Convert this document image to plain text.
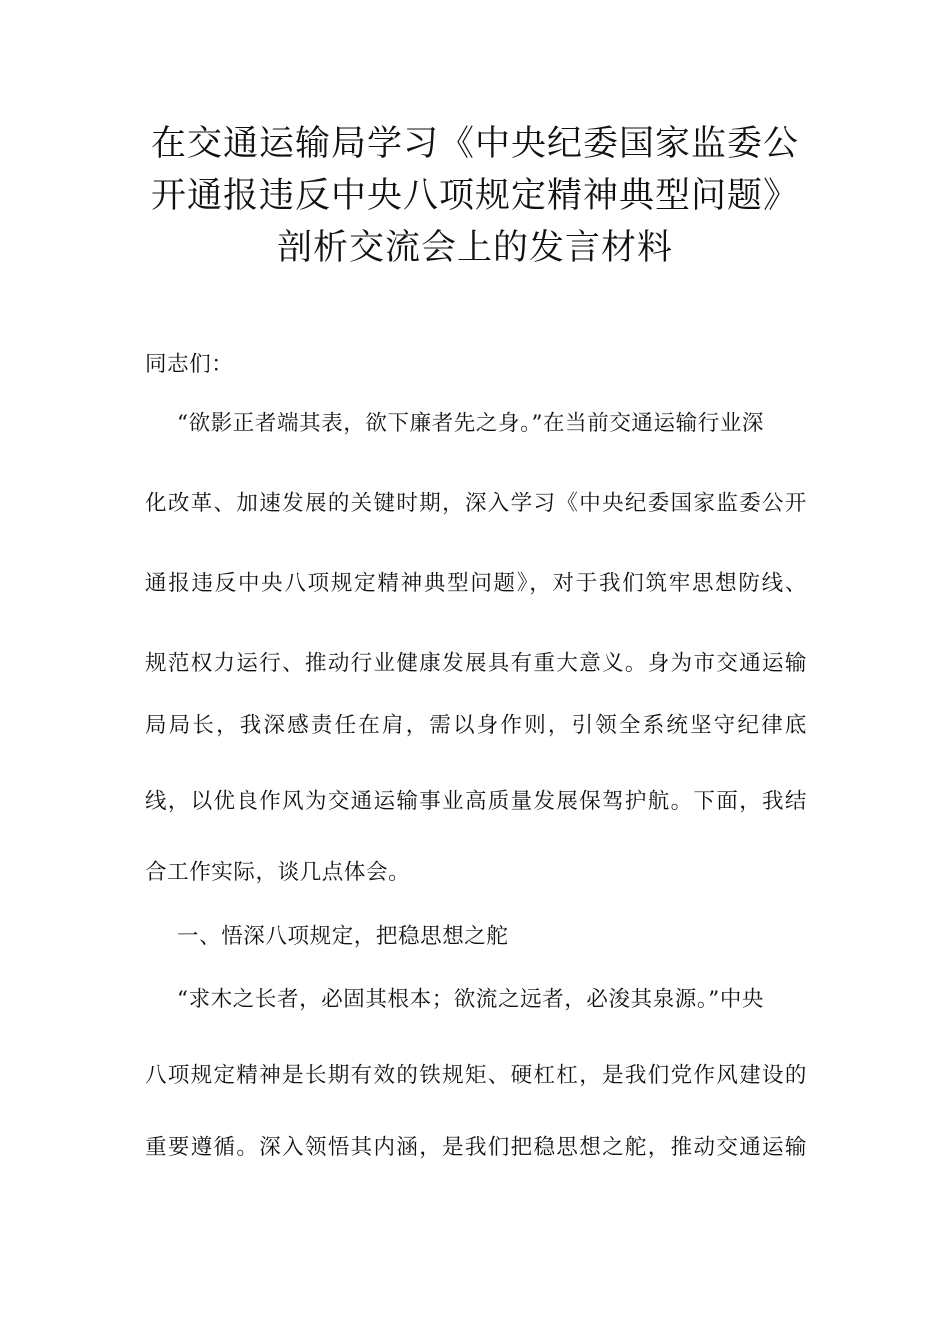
在交通运输局学习《中央纪委国家监委公
开通报违反中央八项规定精神典型问题》
剖析交流会上的发言材料
同志们：
“欲影正者端其表，欲下廉者先之身。”在当前交通运输行业深
化改革、加速发展的关键时期，深入学习《中央纪委国家监委公开
通报违反中央八项规定精神典型问题》，对于我们筑牢思想防线、
规范权力运行、推动行业健康发展具有重大意义。身为市交通运输
局局长，我深感责任在肩，需以身作则，引领全系统坚守纪律底
线，以优良作风为交通运输事业高质量发展保驾护航。下面，我结
合工作实际，谈几点体会。
一、悟深八项规定，把稳思想之舵
“求木之长者，必固其根本；欲流之远者，必浚其泉源。”中央
八项规定精神是长期有效的铁规矩、硬杠杠，是我们党作风建设的
重要遵循。深入领悟其内涵，是我们把稳思想之舵，推动交通运输
